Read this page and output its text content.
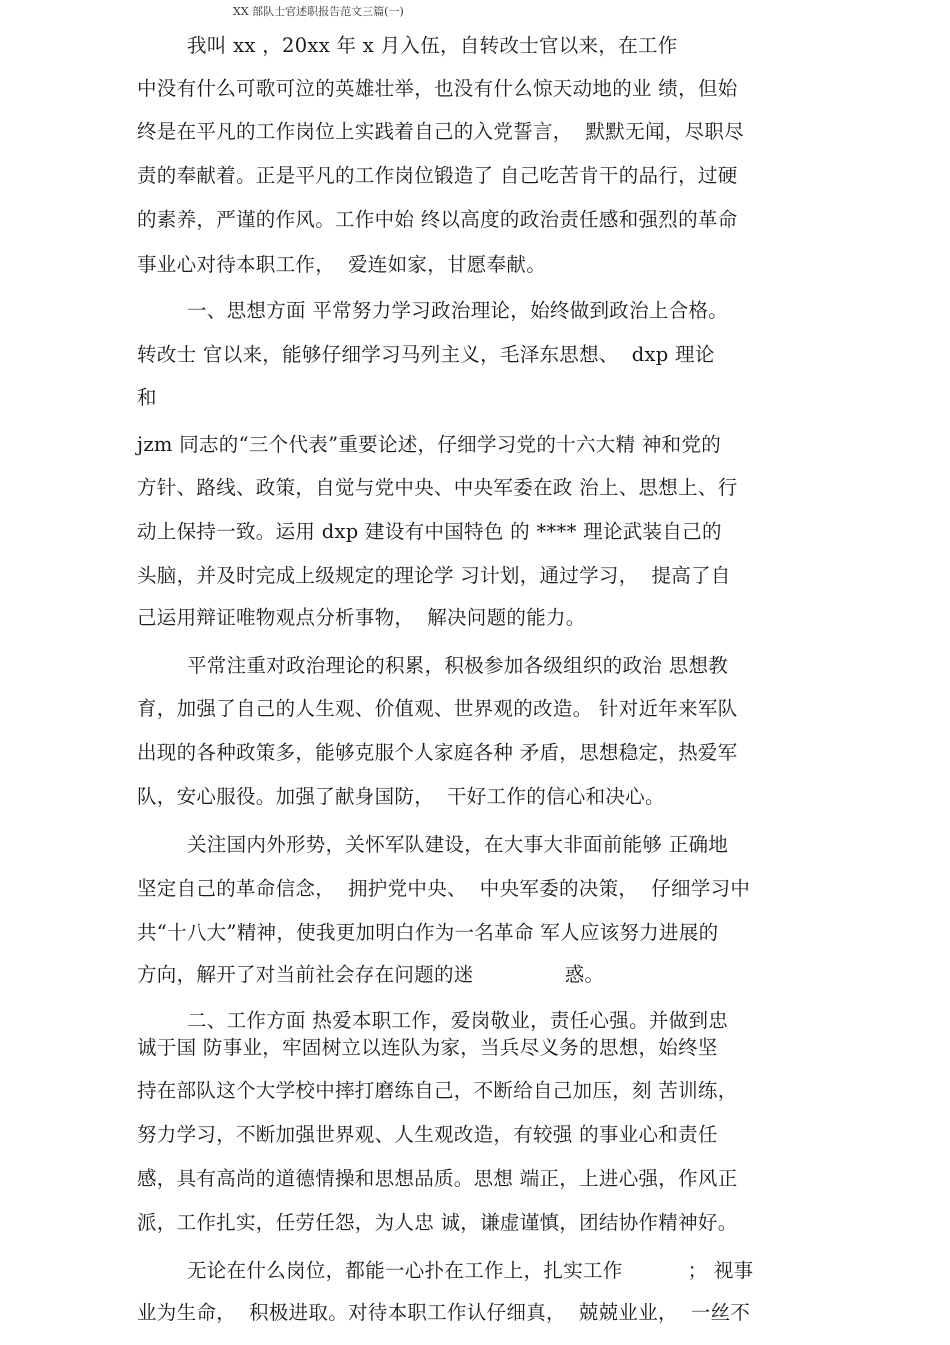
XX 部队士官述职报告范文三篇(一)
我叫 xx ，20xx 年 x 月入伍，自转改士官以来，在工作
中没有什么可歌可泣的英雄壮举，也没有什么惊天动地的业 绩，但始
终是在平凡的工作岗位上实践着自己的入党誓言，  默默无闻，尽职尽
责的奉献着。正是平凡的工作岗位锻造了 自己吃苦肯干的品行，过硬
的素养，严谨的作风。工作中始 终以高度的政治责任感和强烈的革命
事业心对待本职工作，  爱连如家，甘愿奉献。
一、思想方面 平常努力学习政治理论，始终做到政治上合格。
转改士 官以来，能够仔细学习马列主义，毛泽东思想、  dxp 理论
和
jzm 同志的“三个代表”重要论述，仔细学习党的十六大精 神和党的
方针、路线、政策，自觉与党中央、中央军委在政 治上、思想上、行
动上保持一致。运用 dxp 建设有中国特色 的 **** 理论武装自己的
头脑，并及时完成上级规定的理论学 习计划，通过学习，  提高了自
己运用辩证唯物观点分析事物，  解决问题的能力。
平常注重对政治理论的积累，积极参加各级组织的政治 思想教
育，加强了自己的人生观、价值观、世界观的改造。 针对近年来军队
出现的各种政策多，能够克服个人家庭各种 矛盾，思想稳定，热爱军
队，安心服役。加强了献身国防，  干好工作的信心和决心。
关注国内外形势，关怀军队建设，在大事大非面前能够 正确地
坚定自己的革命信念，  拥护党中央、  中央军委的决策，  仔细学习中
共“十八大”精神，使我更加明白作为一名革命 军人应该努力进展的
方向，解开了对当前社会存在问题的迷              惑。
二、工作方面 热爱本职工作，爱岗敬业，责任心强。并做到忠
诚于国 防事业，牢固树立以连队为家，当兵尽义务的思想，始终坚
持在部队这个大学校中摔打磨练自己，不断给自己加压，刻 苦训练，
努力学习，不断加强世界观、人生观改造，有较强 的事业心和责任
感，具有高尚的道德情操和思想品质。思想 端正，上进心强，作风正
派，工作扎实，任劳任怨，为人忠 诚，谦虚谨慎，团结协作精神好。
无论在什么岗位，都能一心扑在工作上，扎实工作          ； 视事
业为生命，  积极进取。对待本职工作认仔细真，  兢兢业业，  一丝不
